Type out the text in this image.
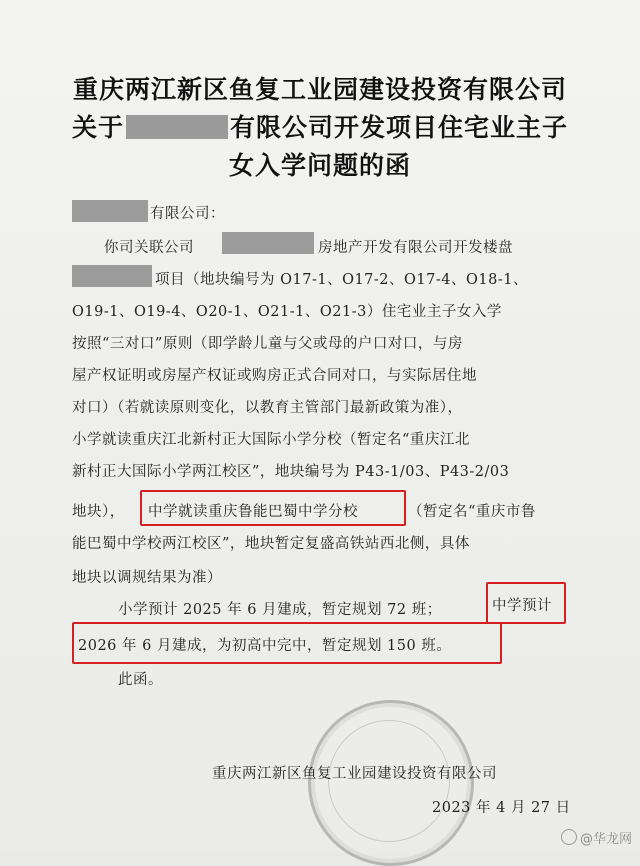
重庆两江新区鱼复工业园建设投资有限公司
关于	有限公司开发项目住宅业主子
女入学问题的函
有限公司：
你司关联公司	房地产开发有限公司开发楼盘
项目（地块编号为 O17-1、O17-2、O17-4、O18-1、
O19-1、O19-4、O20-1、O21-1、O21-3）住宅业主子女入学
按照“三对口”原则（即学龄儿童与父或母的户口对口，与房
屋产权证明或房屋产权证或购房正式合同对口，与实际居住地
对口）（若就读原则变化，以教育主管部门最新政策为准），
小学就读重庆江北新村正大国际小学分校（暂定名“重庆江北
新村正大国际小学两江校区”，地块编号为 P43-1/03、P43-2/03
地块）， 中学就读重庆鲁能巴蜀中学分校	（暂定名“重庆市鲁
能巴蜀中学校两江校区”，地块暂定复盛高铁站西北侧，具体
地块以调规结果为准）
小学预计 2025 年 6 月建成，暂定规划 72 班；	中学预计
2026 年 6 月建成，为初高中完中，暂定规划 150 班。
此函。
重庆两江新区鱼复工业园建设投资有限公司
2023 年 4 月 27 日
@华龙网
